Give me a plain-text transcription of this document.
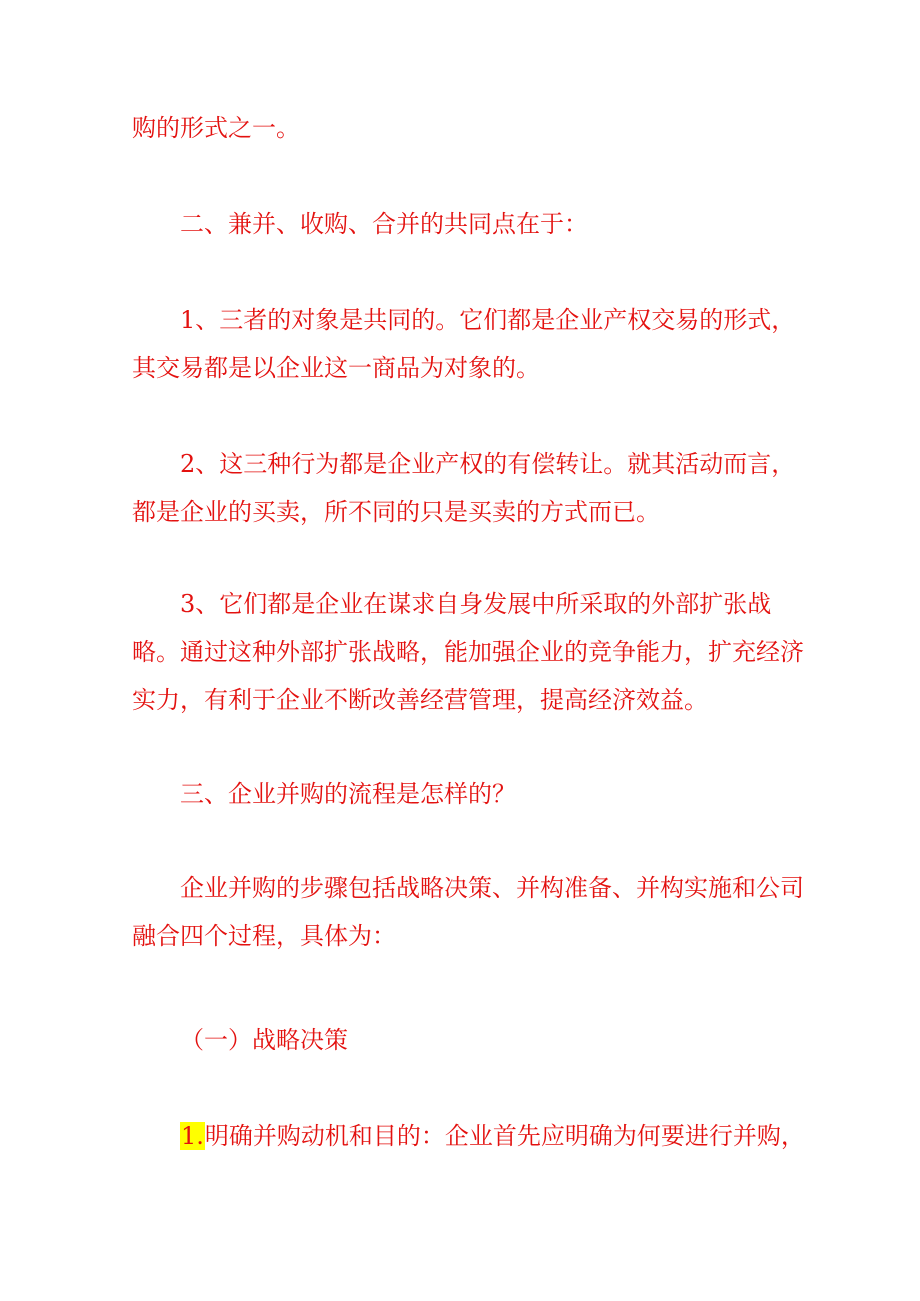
购的形式之一。

二、兼并、收购、合并的共同点在于：

1、三者的对象是共同的。它们都是企业产权交易的形式，其交易都是以企业这一商品为对象的。

2、这三种行为都是企业产权的有偿转让。就其活动而言，都是企业的买卖，所不同的只是买卖的方式而已。

3、它们都是企业在谋求自身发展中所采取的外部扩张战略。通过这种外部扩张战略，能加强企业的竞争能力，扩充经济实力，有利于企业不断改善经营管理，提高经济效益。

三、企业并购的流程是怎样的？

企业并购的步骤包括战略决策、并构准备、并构实施和公司融合四个过程，具体为：

（一）战略决策

1.明确并购动机和目的：企业首先应明确为何要进行并购，
